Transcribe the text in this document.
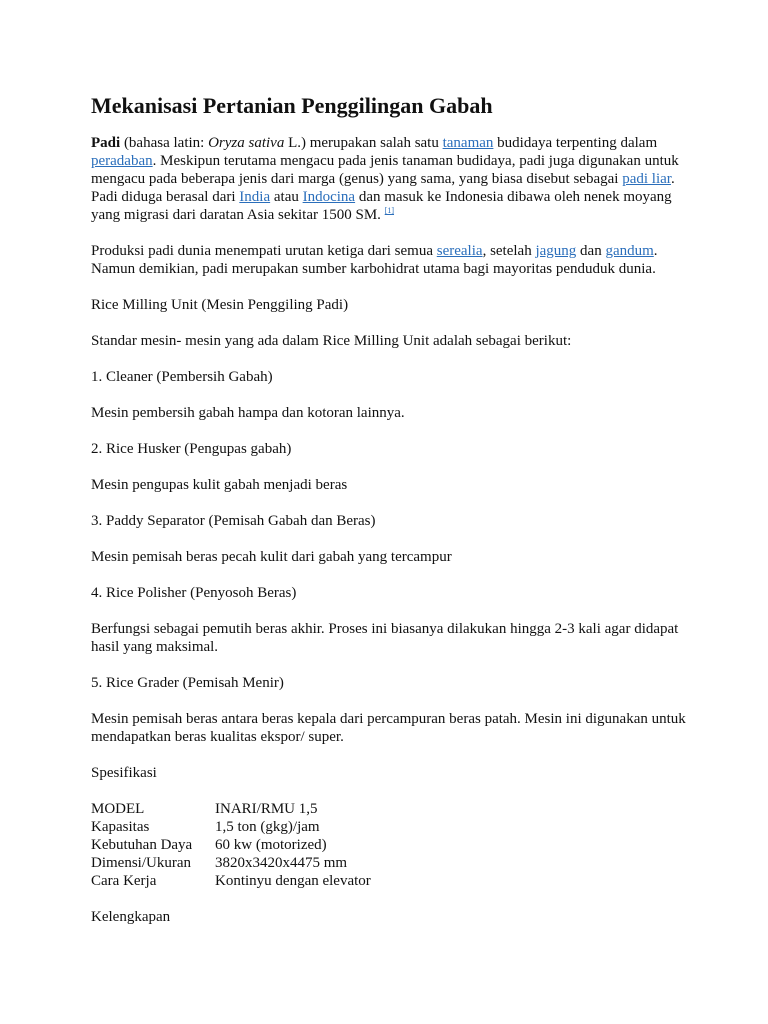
Mekanisasi Pertanian Penggilingan Gabah

Padi (bahasa latin: Oryza sativa L.) merupakan salah satu tanaman budidaya terpenting dalam peradaban. Meskipun terutama mengacu pada jenis tanaman budidaya, padi juga digunakan untuk mengacu pada beberapa jenis dari marga (genus) yang sama, yang biasa disebut sebagai padi liar. Padi diduga berasal dari India atau Indocina dan masuk ke Indonesia dibawa oleh nenek moyang yang migrasi dari daratan Asia sekitar 1500 SM. [1]

Produksi padi dunia menempati urutan ketiga dari semua serealia, setelah jagung dan gandum. Namun demikian, padi merupakan sumber karbohidrat utama bagi mayoritas penduduk dunia.

Rice Milling Unit (Mesin Penggiling Padi)

Standar mesin- mesin yang ada dalam Rice Milling Unit adalah sebagai berikut:

1. Cleaner (Pembersih Gabah)

Mesin pembersih gabah hampa dan kotoran lainnya.

2. Rice Husker (Pengupas gabah)

Mesin pengupas kulit gabah menjadi beras

3. Paddy Separator (Pemisah Gabah dan Beras)

Mesin pemisah beras pecah kulit dari gabah yang tercampur

4. Rice Polisher (Penyosoh Beras)

Berfungsi sebagai pemutih beras akhir. Proses ini biasanya dilakukan hingga 2-3 kali agar didapat hasil yang maksimal.

5. Rice Grader (Pemisah Menir)

Mesin pemisah beras antara beras kepala dari percampuran beras patah. Mesin ini digunakan untuk mendapatkan beras kualitas ekspor/ super.

Spesifikasi

MODEL	INARI/RMU 1,5
Kapasitas	1,5 ton (gkg)/jam
Kebutuhan Daya	60 kw (motorized)
Dimensi/Ukuran	3820x3420x4475 mm
Cara Kerja	Kontinyu dengan elevator

Kelengkapan
